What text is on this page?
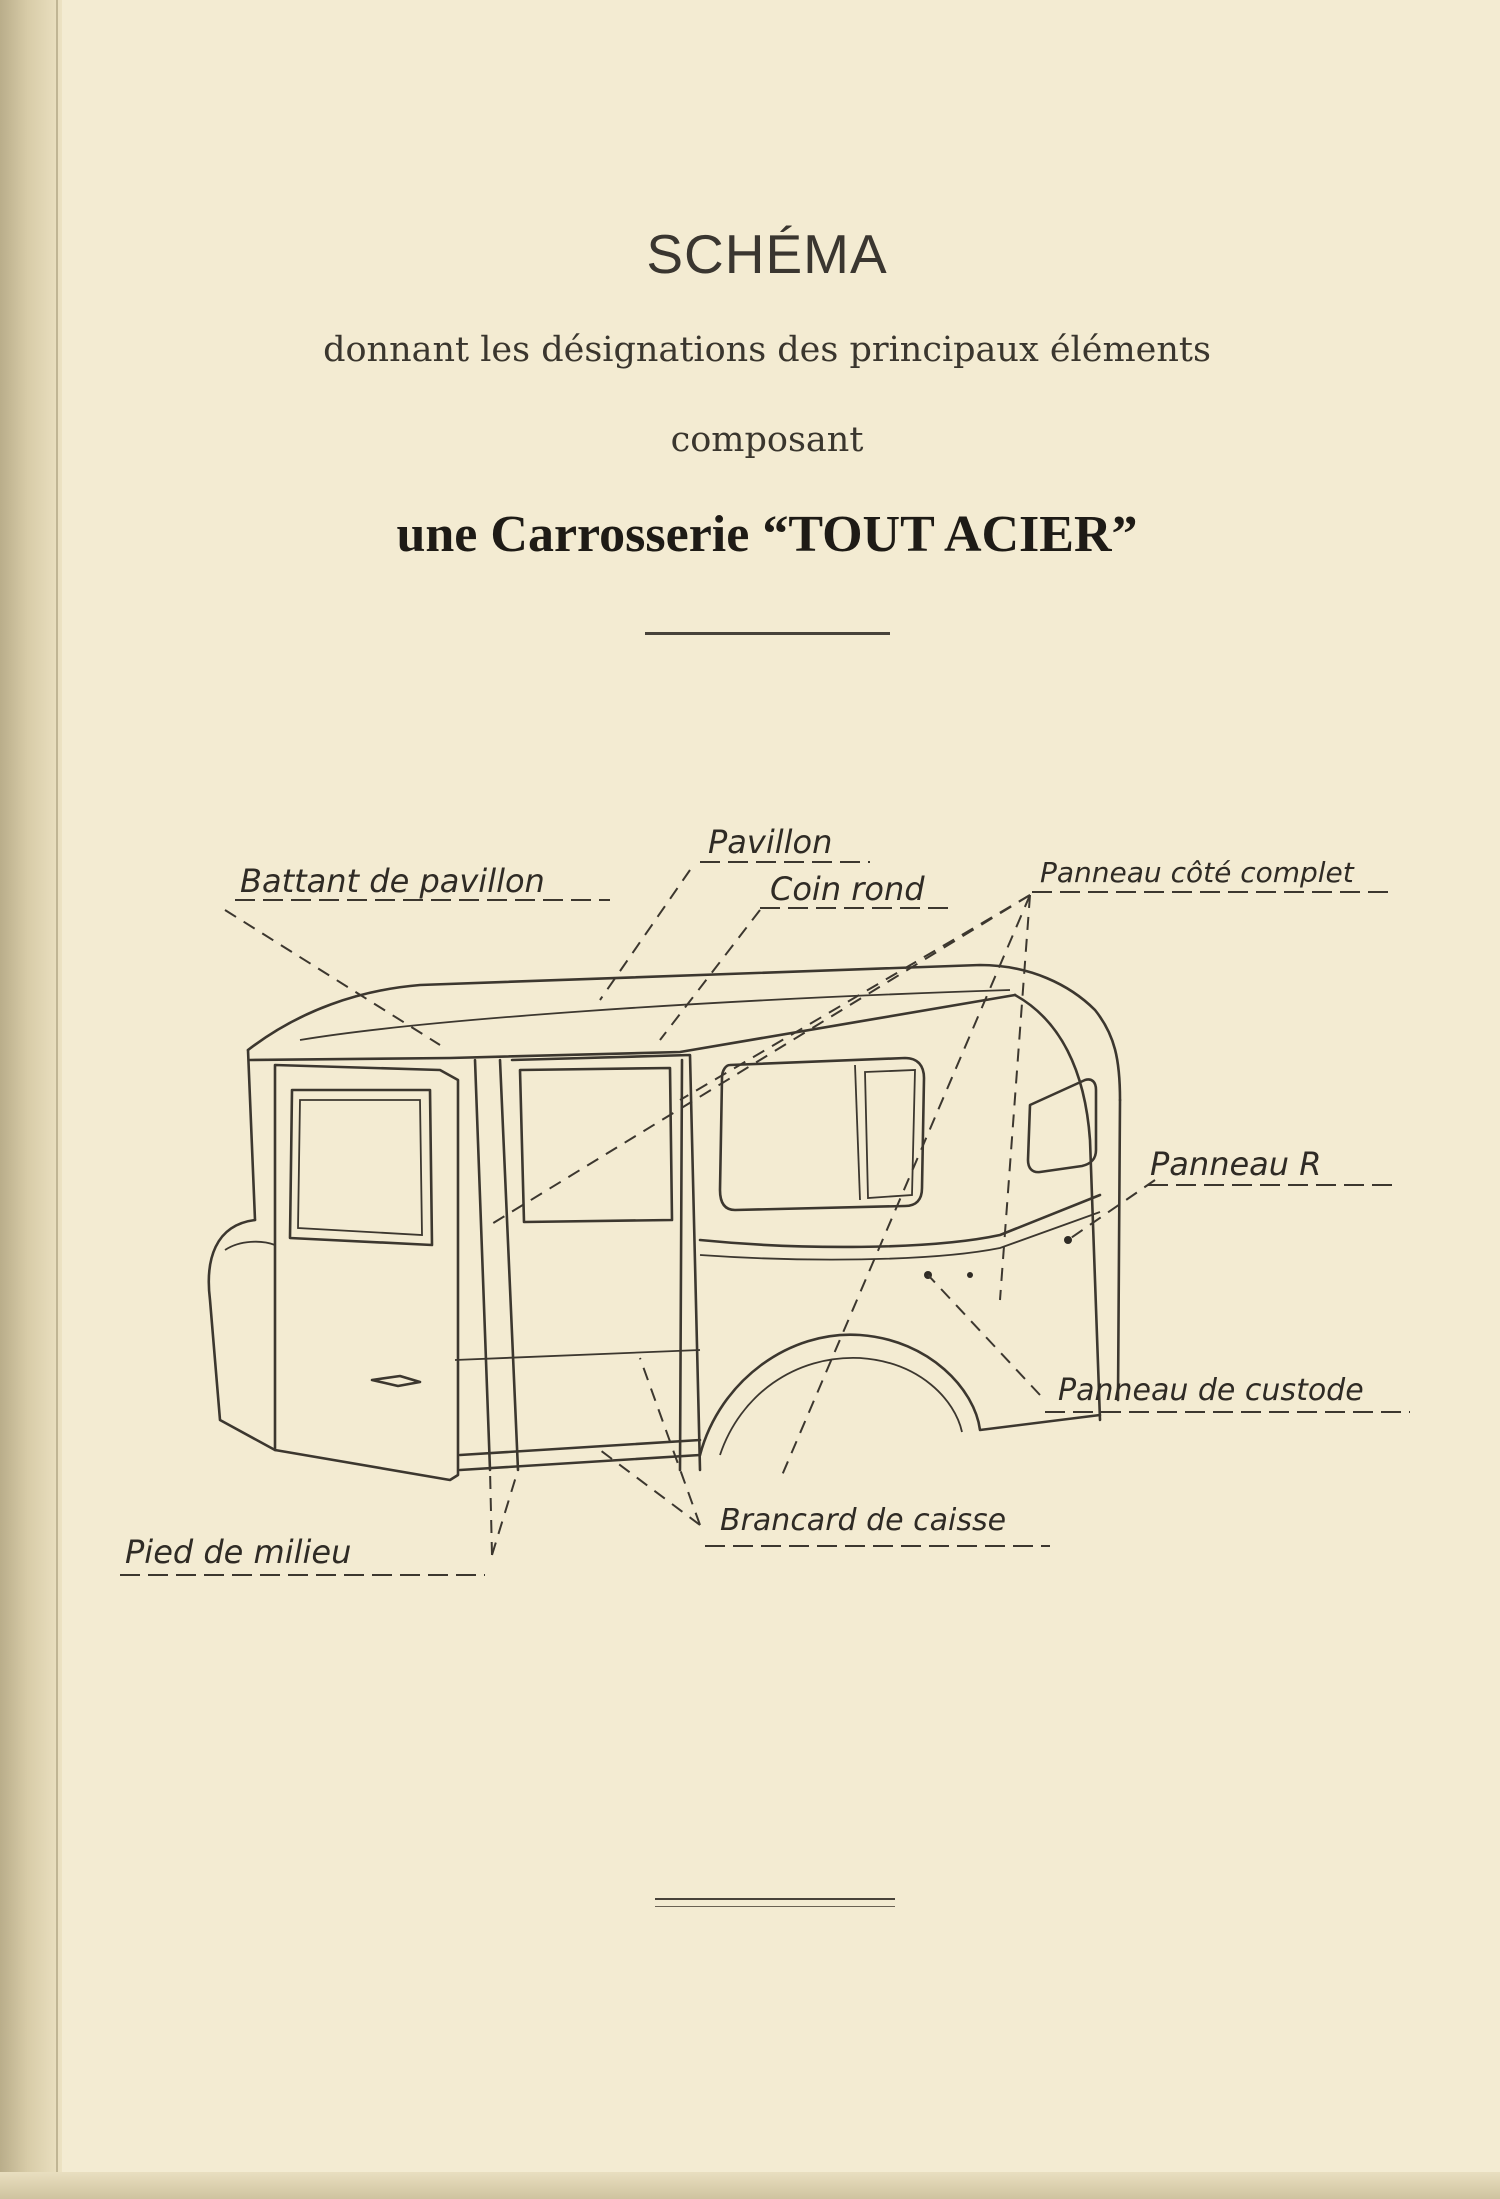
SCHÉMA
donnant les désignations des principaux éléments
composant
une Carrosserie “TOUT ACIER”
Battant de pavillon
Pavillon
Coin rond	Panneau côté complet
Panneau R
Panneau de custode
Brancard de caisse
Pied de milieu
